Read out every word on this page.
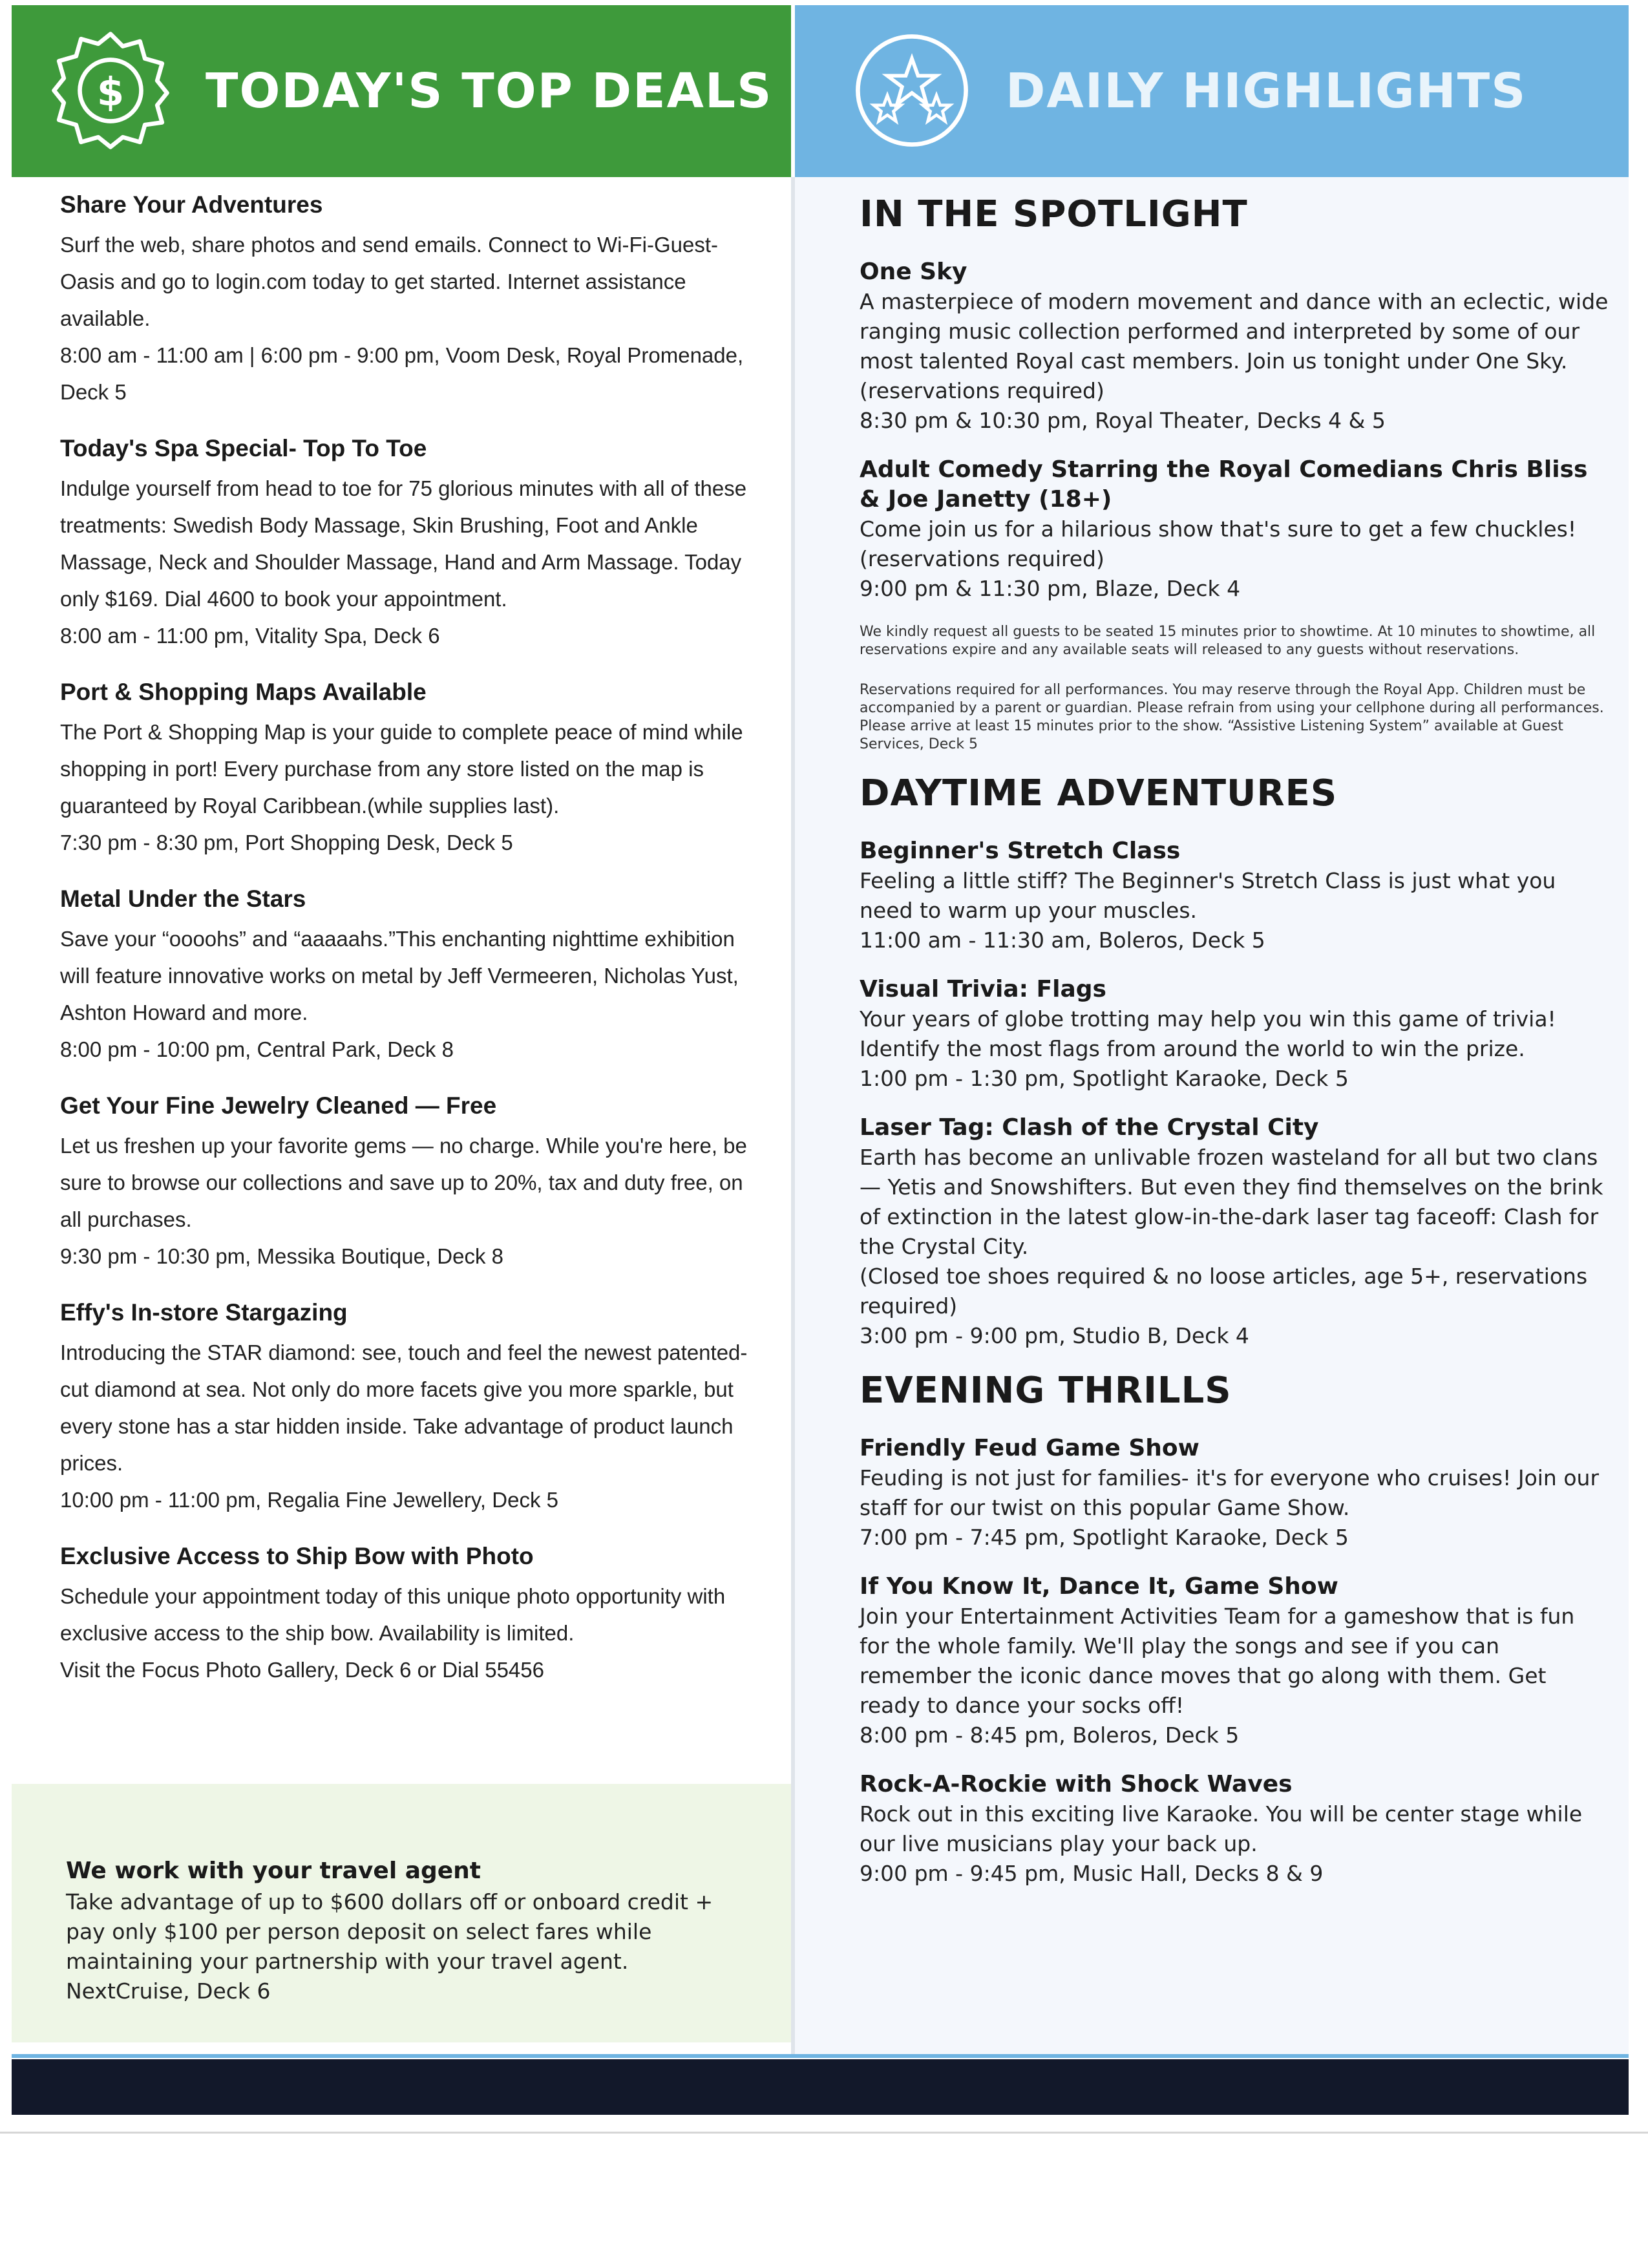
$ TODAY'S TOP DEALS	DAILY HIGHLIGHTS

Share Your Adventures

Surf the web, share photos and send emails. Connect to Wi-Fi-Guest-Oasis and go to login.com today to get started. Internet assistance available.

8:00 am - 11:00 am | 6:00 pm - 9:00 pm, Voom Desk, Royal Promenade, Deck 5

Today's Spa Special- Top To Toe

Indulge yourself from head to toe for 75 glorious minutes with all of these treatments: Swedish Body Massage, Skin Brushing, Foot and Ankle Massage, Neck and Shoulder Massage, Hand and Arm Massage. Today only $169. Dial 4600 to book your appointment.

8:00 am - 11:00 pm, Vitality Spa, Deck 6

Port & Shopping Maps Available

The Port & Shopping Map is your guide to complete peace of mind while shopping in port! Every purchase from any store listed on the map is guaranteed by Royal Caribbean.(while supplies last).

7:30 pm - 8:30 pm, Port Shopping Desk, Deck 5

Metal Under the Stars

Save your “oooohs” and “aaaaahs.”This enchanting nighttime exhibition will feature innovative works on metal by Jeff Vermeeren, Nicholas Yust, Ashton Howard and more.

8:00 pm - 10:00 pm, Central Park, Deck 8

Get Your Fine Jewelry Cleaned — Free

Let us freshen up your favorite gems — no charge. While you're here, be sure to browse our collections and save up to 20%, tax and duty free, on all purchases.

9:30 pm - 10:30 pm, Messika Boutique, Deck 8

Effy's In-store Stargazing

Introducing the STAR diamond: see, touch and feel the newest patented-cut diamond at sea. Not only do more facets give you more sparkle, but every stone has a star hidden inside. Take advantage of product launch prices.

10:00 pm - 11:00 pm, Regalia Fine Jewellery, Deck 5

Exclusive Access to Ship Bow with Photo

Schedule your appointment today of this unique photo opportunity with exclusive access to the ship bow. Availability is limited.

Visit the Focus Photo Gallery, Deck 6 or Dial 55456

We work with your travel agent

Take advantage of up to $600 dollars off or onboard credit + pay only $100 per person deposit on select fares while maintaining your partnership with your travel agent.

NextCruise, Deck 6

IN THE SPOTLIGHT

One Sky

A masterpiece of modern movement and dance with an eclectic, wide ranging music collection performed and interpreted by some of our most talented Royal cast members. Join us tonight under One Sky.

(reservations required)

8:30 pm & 10:30 pm, Royal Theater, Decks 4 & 5

Adult Comedy Starring the Royal Comedians Chris Bliss & Joe Janetty (18+)

Come join us for a hilarious show that's sure to get a few chuckles!

(reservations required)

9:00 pm & 11:30 pm, Blaze, Deck 4

We kindly request all guests to be seated 15 minutes prior to showtime. At 10 minutes to showtime, all reservations expire and any available seats will released to any guests without reservations.

Reservations required for all performances. You may reserve through the Royal App. Children must be accompanied by a parent or guardian. Please refrain from using your cellphone during all performances. Please arrive at least 15 minutes prior to the show. “Assistive Listening System” available at Guest Services, Deck 5

DAYTIME ADVENTURES

Beginner's Stretch Class

Feeling a little stiff? The Beginner's Stretch Class is just what you need to warm up your muscles.

11:00 am - 11:30 am, Boleros, Deck 5

Visual Trivia: Flags

Your years of globe trotting may help you win this game of trivia! Identify the most flags from around the world to win the prize.

1:00 pm - 1:30 pm, Spotlight Karaoke, Deck 5

Laser Tag: Clash of the Crystal City

Earth has become an unlivable frozen wasteland for all but two clans — Yetis and Snowshifters. But even they find themselves on the brink of extinction in the latest glow-in-the-dark laser tag faceoff: Clash for the Crystal City.

(Closed toe shoes required & no loose articles, age 5+, reservations required)

3:00 pm - 9:00 pm, Studio B, Deck 4

EVENING THRILLS

Friendly Feud Game Show

Feuding is not just for families- it's for everyone who cruises! Join our staff for our twist on this popular Game Show.

7:00 pm - 7:45 pm, Spotlight Karaoke, Deck 5

If You Know It, Dance It, Game Show

Join your Entertainment Activities Team for a gameshow that is fun for the whole family. We'll play the songs and see if you can remember the iconic dance moves that go along with them. Get ready to dance your socks off!

8:00 pm - 8:45 pm, Boleros, Deck 5

Rock-A-Rockie with Shock Waves

Rock out in this exciting live Karaoke. You will be center stage while our live musicians play your back up.

9:00 pm - 9:45 pm, Music Hall, Decks 8 & 9
